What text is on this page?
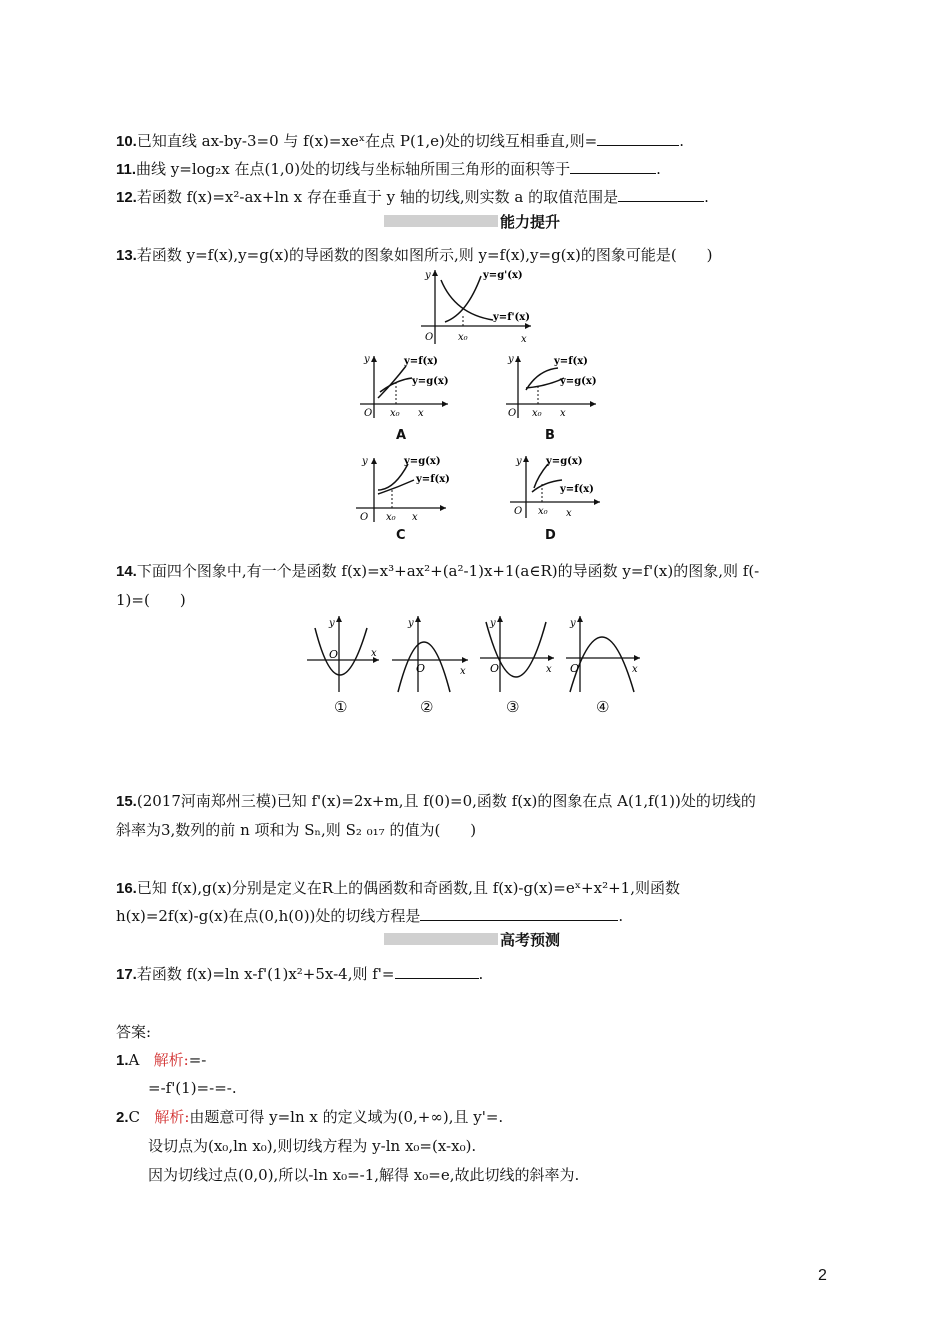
10.已知直线 ax-by-3=0 与 f(x)=xeˣ在点 P(1,e)处的切线互相垂直,则=	.
11.曲线 y=log₂x 在点(1,0)处的切线与坐标轴所围三角形的面积等于	.
12.若函数 f(x)=x²-ax+ln x 存在垂直于 y 轴的切线,则实数 a 的取值范围是	.
能力提升
13.若函数 y=f(x),y=g(x)的导函数的图象如图所示,则 y=f(x),y=g(x)的图象可能是(　　)
y	y=g'(x)
y=f'(x)
O x₀	x
y	y=f(x)
y=g(x)
O x₀ x
A
y	y=f(x)
y=g(x)
O x₀ x
B
y	y=g(x)
y=f(x)
O x₀ x
C
y y=g(x)
y=f(x)
O x₀ x
D
14.下面四个图象中,有一个是函数 f(x)=x³+ax²+(a²-1)x+1(a∈R)的导函数 y=f'(x)的图象,则 f(-
1)=(　　)
y
O	x
①
y
O	x
②
y
O	x
③
y
O	x
④
15.(2017河南郑州三模)已知 f'(x)=2x+m,且 f(0)=0,函数 f(x)的图象在点 A(1,f(1))处的切线的
斜率为3,数列的前 n 项和为 Sₙ,则 S₂ ₀₁₇ 的值为(　　)
16.已知 f(x),g(x)分别是定义在R上的偶函数和奇函数,且 f(x)-g(x)=eˣ+x²+1,则函数
h(x)=2f(x)-g(x)在点(0,h(0))处的切线方程是	.
高考预测
17.若函数 f(x)=ln x-f'(1)x²+5x-4,则 f'=	.
答案:
1.A 解析:=-
=-f'(1)=-=-.
2.C 解析:由题意可得 y=ln x 的定义域为(0,+∞),且 y'=.
设切点为(x₀,ln x₀),则切线方程为 y-ln x₀=(x-x₀).
因为切线过点(0,0),所以-ln x₀=-1,解得 x₀=e,故此切线的斜率为.
2
